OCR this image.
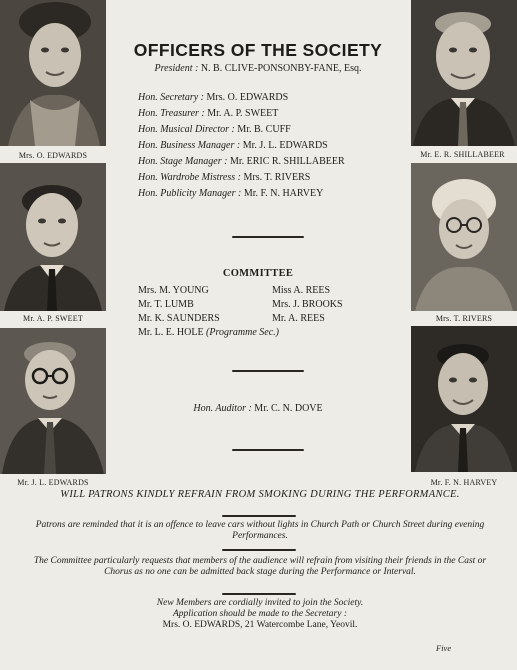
Mrs. O. EDWARDS
Mr. A. P. SWEET
Mr. J. L. EDWARDS
Mr. E. R. SHILLABEER
Mrs. T. RIVERS
Mr. F. N. HARVEY
OFFICERS OF THE SOCIETY
President : N. B. CLIVE-PONSONBY-FANE, Esq.
Hon. Secretary : Mrs. O. EDWARDS
Hon. Treasurer : Mr. A. P. SWEET
Hon. Musical Director : Mr. B. CUFF
Hon. Business Manager : Mr. J. L. EDWARDS
Hon. Stage Manager : Mr. ERIC R. SHILLABEER
Hon. Wardrobe Mistress : Mrs. T. RIVERS
Hon. Publicity Manager : Mr. F. N. HARVEY
COMMITTEE
Mrs. M. YOUNG
Mr. T. LUMB
Mr. K. SAUNDERS
Miss A. REES
Mrs. J. BROOKS
Mr. A. REES
Mr. L. E. HOLE (Programme Sec.)
Hon. Auditor : Mr. C. N. DOVE
WILL PATRONS KINDLY REFRAIN FROM SMOKING DURING THE PERFORMANCE.
Patrons are reminded that it is an offence to leave cars without lights in Church Path or Church Street during evening Performances.
The Committee particularly requests that members of the audience will refrain from visiting their friends in the Cast or Chorus as no one can be admitted back stage during the Performance or Interval.
New Members are cordially invited to join the Society.
Application should be made to the Secretary :
Mrs. O. EDWARDS, 21 Watercombe Lane, Yeovil.
Five
